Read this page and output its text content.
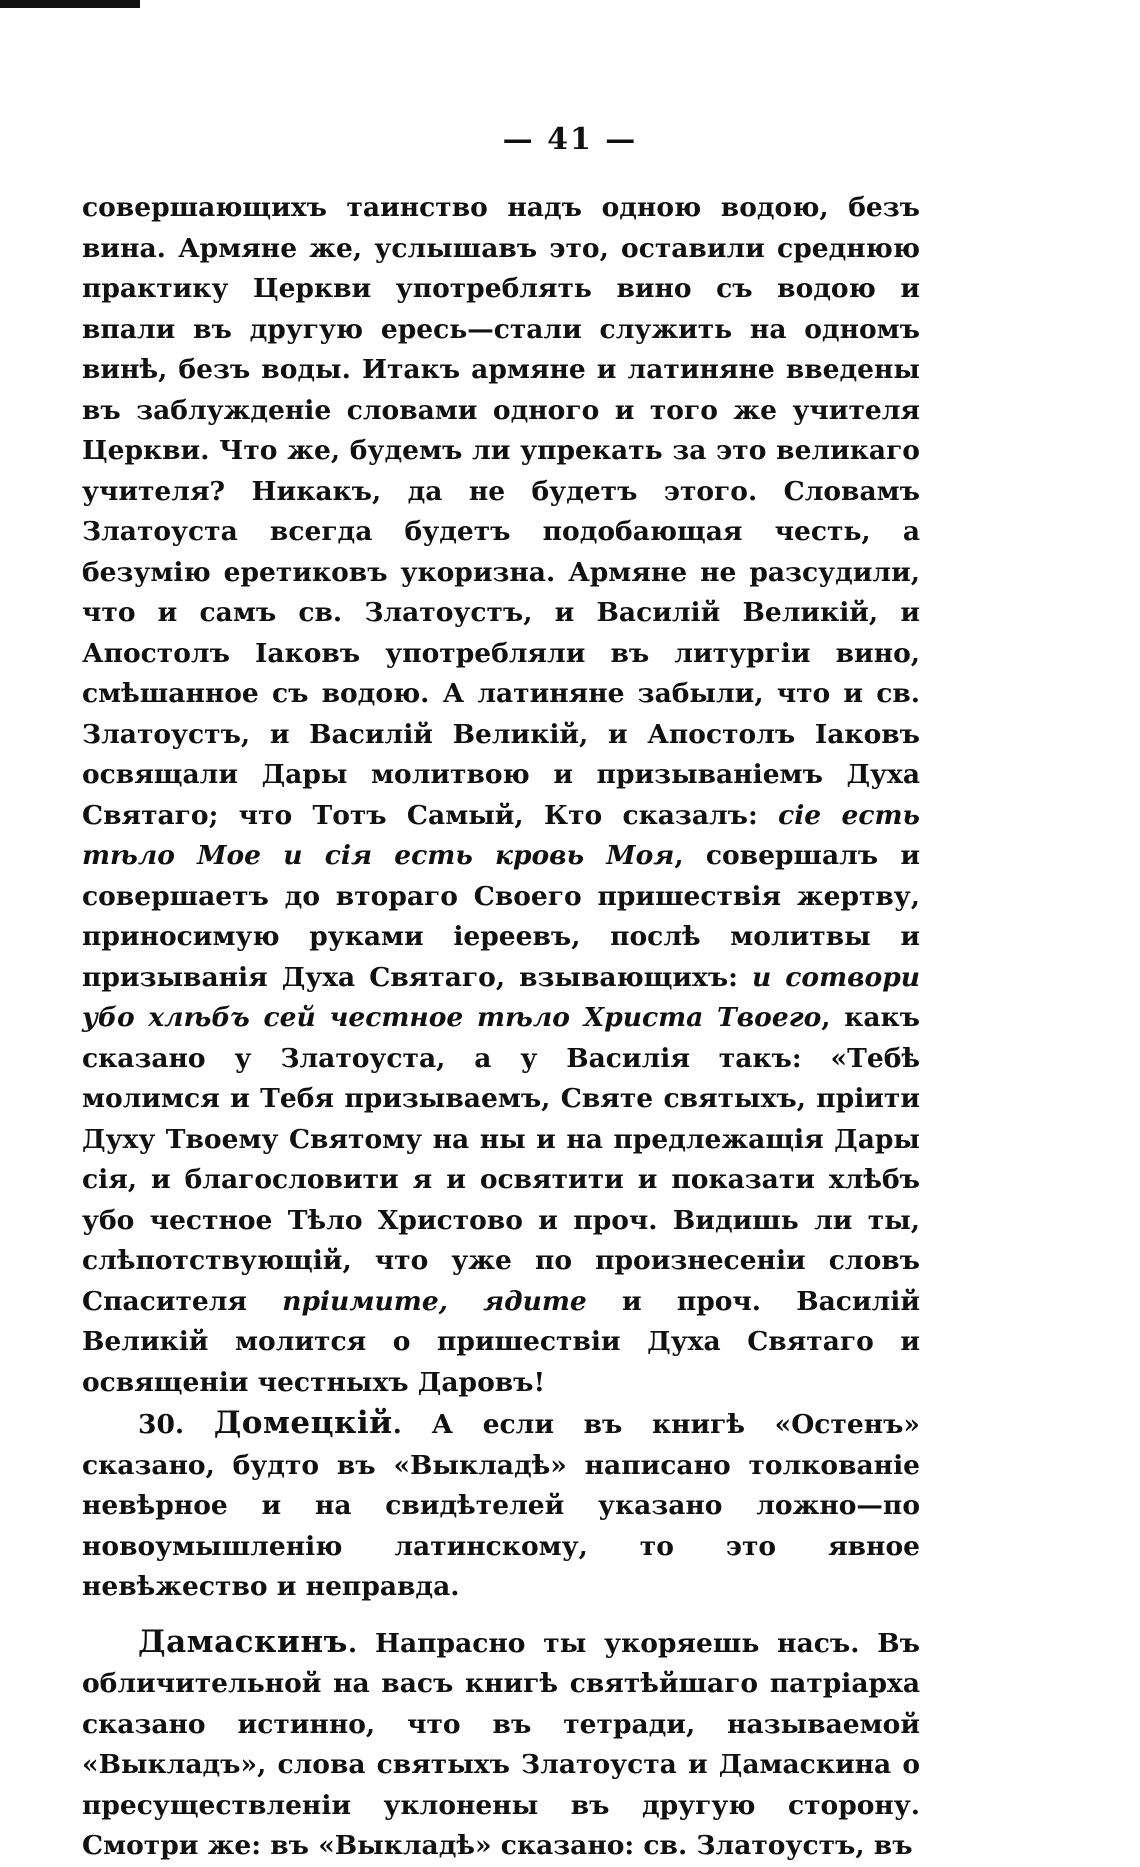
— 41 —

совершающихъ таинство надъ одною водою, безъ вина. Армяне же, услышавъ это, оставили среднюю практику Церкви употреблять вино съ водою и впали въ другую ересь—стали служить на одномъ винѣ, безъ воды. Итакъ армяне и латиняне введены въ заблужденіе словами одного и того же учителя Церкви. Что же, будемъ ли упрекать за это великаго учителя? Никакъ, да не будетъ этого. Словамъ Златоуста всегда будетъ подобающая честь, а безумію еретиковъ укоризна. Армяне не разсудили, что и самъ св. Златоустъ, и Василій Великій, и Апостолъ Іаковъ употребляли въ литургіи вино, смѣшанное съ водою. А латиняне забыли, что и св. Златоустъ, и Василій Великій, и Апостолъ Іаковъ освящали Дары молитвою и призываніемъ Духа Святаго; что Тотъ Самый, Кто сказалъ: сіе есть тѣло Мое и сія есть кровь Моя, совершалъ и совершаетъ до втораго Своего пришествія жертву, приносимую руками іереевъ, послѣ молитвы и призыванія Духа Святаго, взывающихъ: и сотвори убо хлѣбъ сей честное тѣло Христа Твоего, какъ сказано у Златоуста, а у Василія такъ: «Тебѣ молимся и Тебя призываемъ, Святе святыхъ, пріити Духу Твоему Святому на ны и на предлежащія Дары сія, и благословити я и освятити и показати хлѣбъ убо честное Тѣло Христово и проч. Видишь ли ты, слѣпотствующій, что уже по произнесеніи словъ Спасителя пріимите, ядите и проч. Василій Великій молится о пришествіи Духа Святаго и освященіи честныхъ Даровъ!

30. Домецкій. А если въ книгѣ «Остенъ» сказано, будто въ «Выкладѣ» написано толкованіе невѣрное и на свидѣтелей указано ложно—по новоумышленію латинскому, то это явное невѣжество и неправда.

Дамаскинъ. Напрасно ты укоряешь насъ. Въ обличительной на васъ книгѣ святѣйшаго патріарха сказано истинно, что въ тетради, называемой «Выкладъ», слова святыхъ Златоуста и Дамаскина о пресуществленіи уклонены въ другую сторону. Смотри же: въ «Выкладѣ» сказано: св. Златоустъ, въ
